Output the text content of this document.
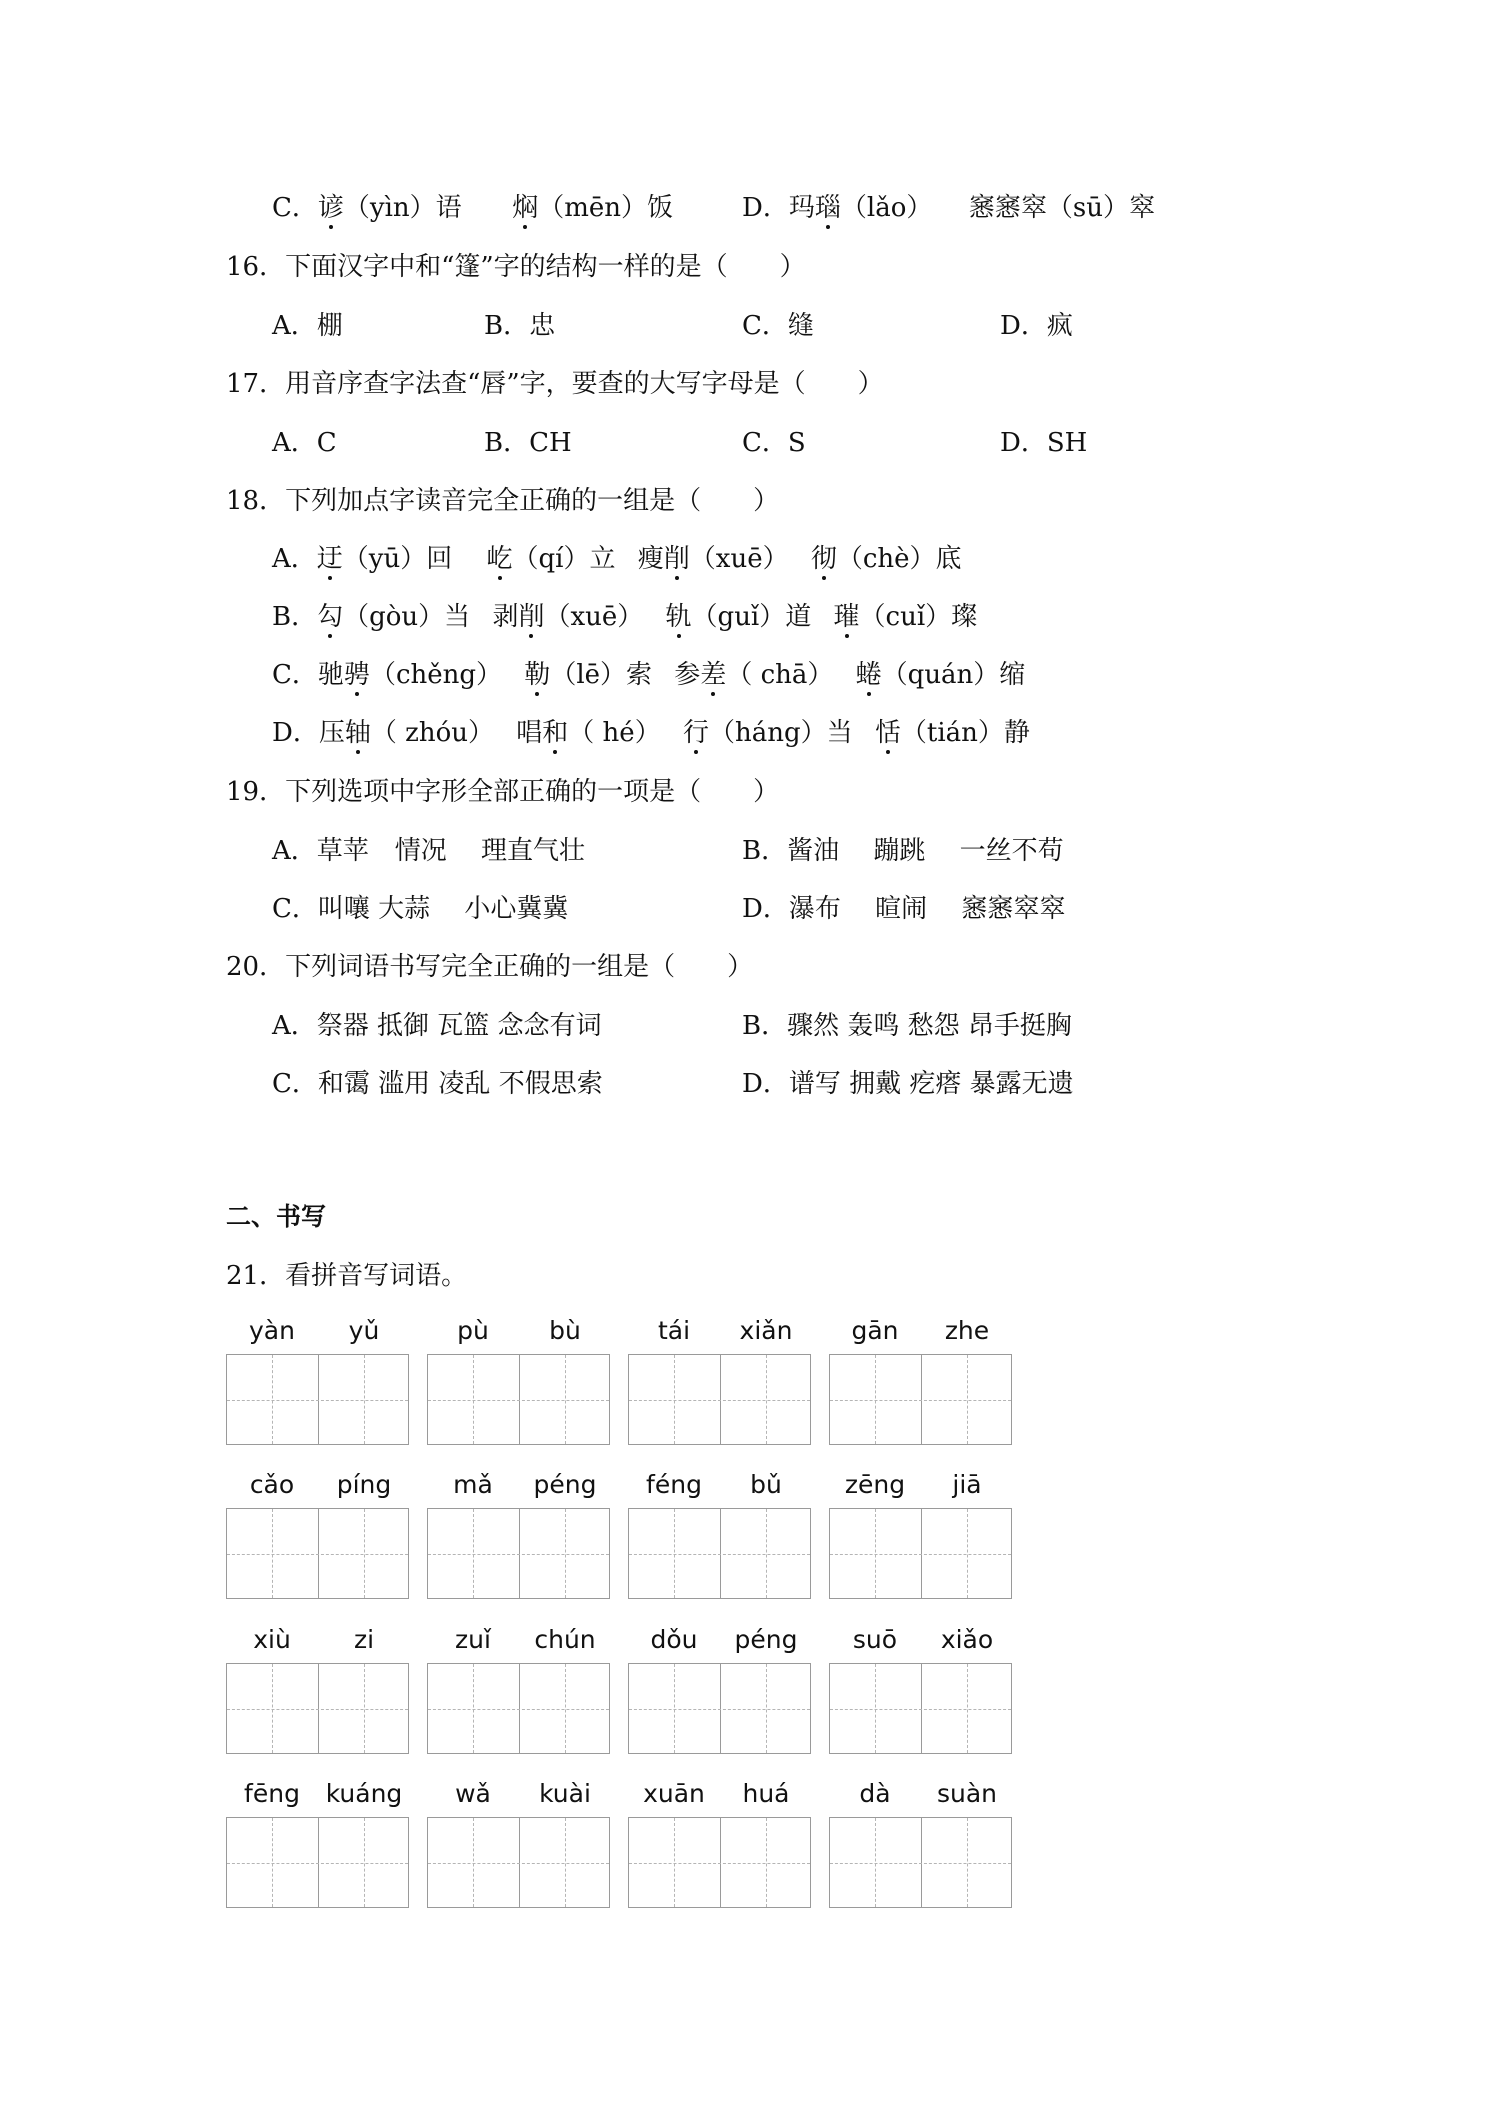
C．谚（yìn）语 焖（mēn）饭	D．玛瑙（lǎo） 窸窸窣（sū）窣
16．下面汉字中和“篷”字的结构一样的是（　　）
A．棚	B．忠	C．缝	D．疯
17．用音序查字法查“唇”字，要查的大写字母是（　　）
A．C	B．CH	C．S	D．SH
18．下列加点字读音完全正确的一组是（　　）
A．迂（yū）回 屹（qí）立 瘦削（xuē） 彻（chè）底
B．勾（gòu）当 剥削（xuē） 轨（guǐ）道 璀（cuǐ）璨
C．驰骋（chěng） 勒（lē）索 参差（ chā） 蜷（quán）缩
D．压轴（ zhóu） 唱和（ hé） 行（háng）当 恬（tián）静
19．下列选项中字形全部正确的一项是（　　）
A．草苹　情况　 理直气壮	B．酱油　 蹦跳　 一丝不苟
C．叫嚷 大蒜　 小心冀冀	D．瀑布　 暄闹　 窸窸窣窣
20．下列词语书写完全正确的一组是（　　）
A．祭器 抵御 瓦篮 念念有词	B．骤然 轰鸣 愁怨 昂手挺胸
C．和霭 滥用 凌乱 不假思索	D．谱写 拥戴 疙瘩 暴露无遗
二、书写
21．看拼音写词语。
yàn	yǔ	pù	bù	tái	xiǎn	gān	zhe
cǎo	píng	mǎ	péng	féng	bǔ	zēng	jiā
xiù	zi	zuǐ	chún	dǒu	péng	suō	xiǎo
fēng	kuáng	wǎ	kuài	xuān	huá	dà	suàn
